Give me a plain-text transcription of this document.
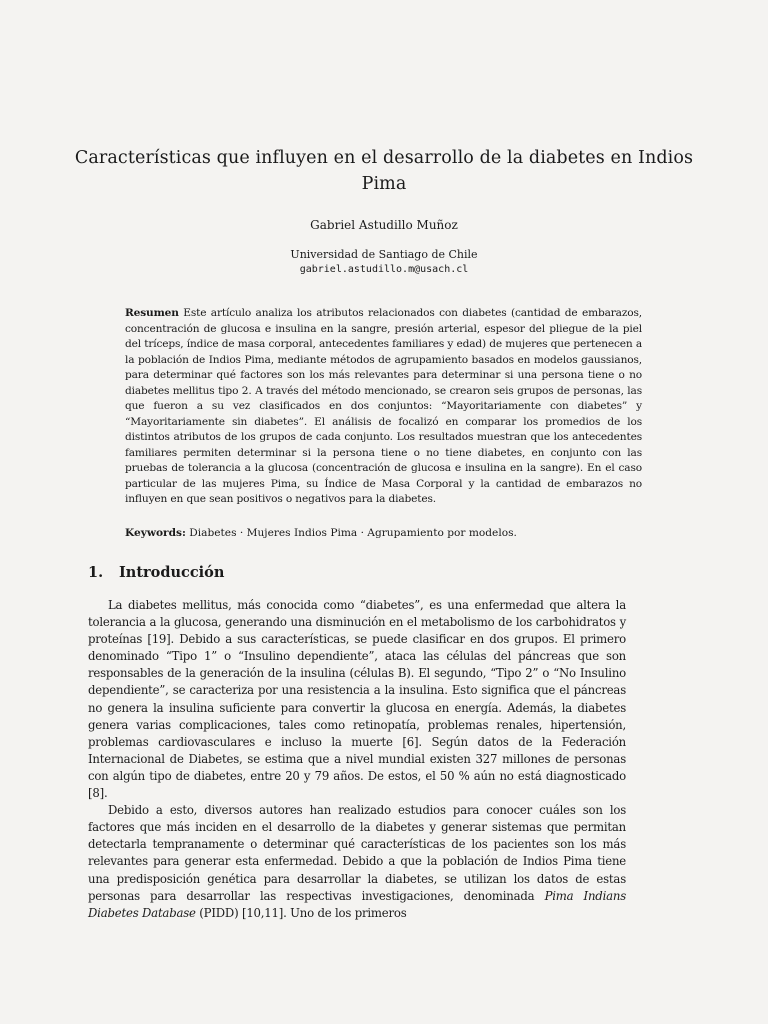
Características que influyen en el desarrollo de la diabetes en Indios Pima
Gabriel Astudillo Muñoz
Universidad de Santiago de Chile
gabriel.astudillo.m@usach.cl
Resumen Este artículo analiza los atributos relacionados con diabetes (cantidad de embarazos, concentración de glucosa e insulina en la sangre, presión arterial, espesor del pliegue de la piel del tríceps, índice de masa corporal, antecedentes familiares y edad) de mujeres que pertenecen a la población de Indios Pima, mediante métodos de agrupamiento basados en modelos gaussianos, para determinar qué factores son los más relevantes para determinar si una persona tiene o no diabetes mellitus tipo 2. A través del método mencionado, se crearon seis grupos de personas, las que fueron a su vez clasificados en dos conjuntos: “Mayoritariamente con diabetes” y “Mayoritariamente sin diabetes”. El análisis de focalizó en comparar los promedios de los distintos atributos de los grupos de cada conjunto. Los resultados muestran que los antecedentes familiares permiten determinar si la persona tiene o no tiene diabetes, en conjunto con las pruebas de tolerancia a la glucosa (concentración de glucosa e insulina en la sangre). En el caso particular de las mujeres Pima, su Índice de Masa Corporal y la cantidad de embarazos no influyen en que sean positivos o negativos para la diabetes.
Keywords: Diabetes · Mujeres Indios Pima · Agrupamiento por modelos.
1. Introducción

La diabetes mellitus, más conocida como “diabetes”, es una enfermedad que altera la tolerancia a la glucosa, generando una disminución en el metabolismo de los carbohidratos y proteínas [19]. Debido a sus características, se puede clasificar en dos grupos. El primero denominado “Tipo 1” o “Insulino dependiente”, ataca las células del páncreas que son responsables de la generación de la insulina (células B). El segundo, “Tipo 2” o “No Insulino dependiente”, se caracteriza por una resistencia a la insulina. Esto significa que el páncreas no genera la insulina suficiente para convertir la glucosa en energía. Además, la diabetes genera varias complicaciones, tales como retinopatía, problemas renales, hipertensión, problemas cardiovasculares e incluso la muerte [6]. Según datos de la Federación Internacional de Diabetes, se estima que a nivel mundial existen 327 millones de personas con algún tipo de diabetes, entre 20 y 79 años. De estos, el 50 % aún no está diagnosticado [8].

Debido a esto, diversos autores han realizado estudios para conocer cuáles son los factores que más inciden en el desarrollo de la diabetes y generar sistemas que permitan detectarla tempranamente o determinar qué características de los pacientes son los más relevantes para generar esta enfermedad. Debido a que la población de Indios Pima tiene una predisposición genética para desarrollar la diabetes, se utilizan los datos de estas personas para desarrollar las respectivas investigaciones, denominada Pima Indians Diabetes Database (PIDD) [10,11]. Uno de los primeros
